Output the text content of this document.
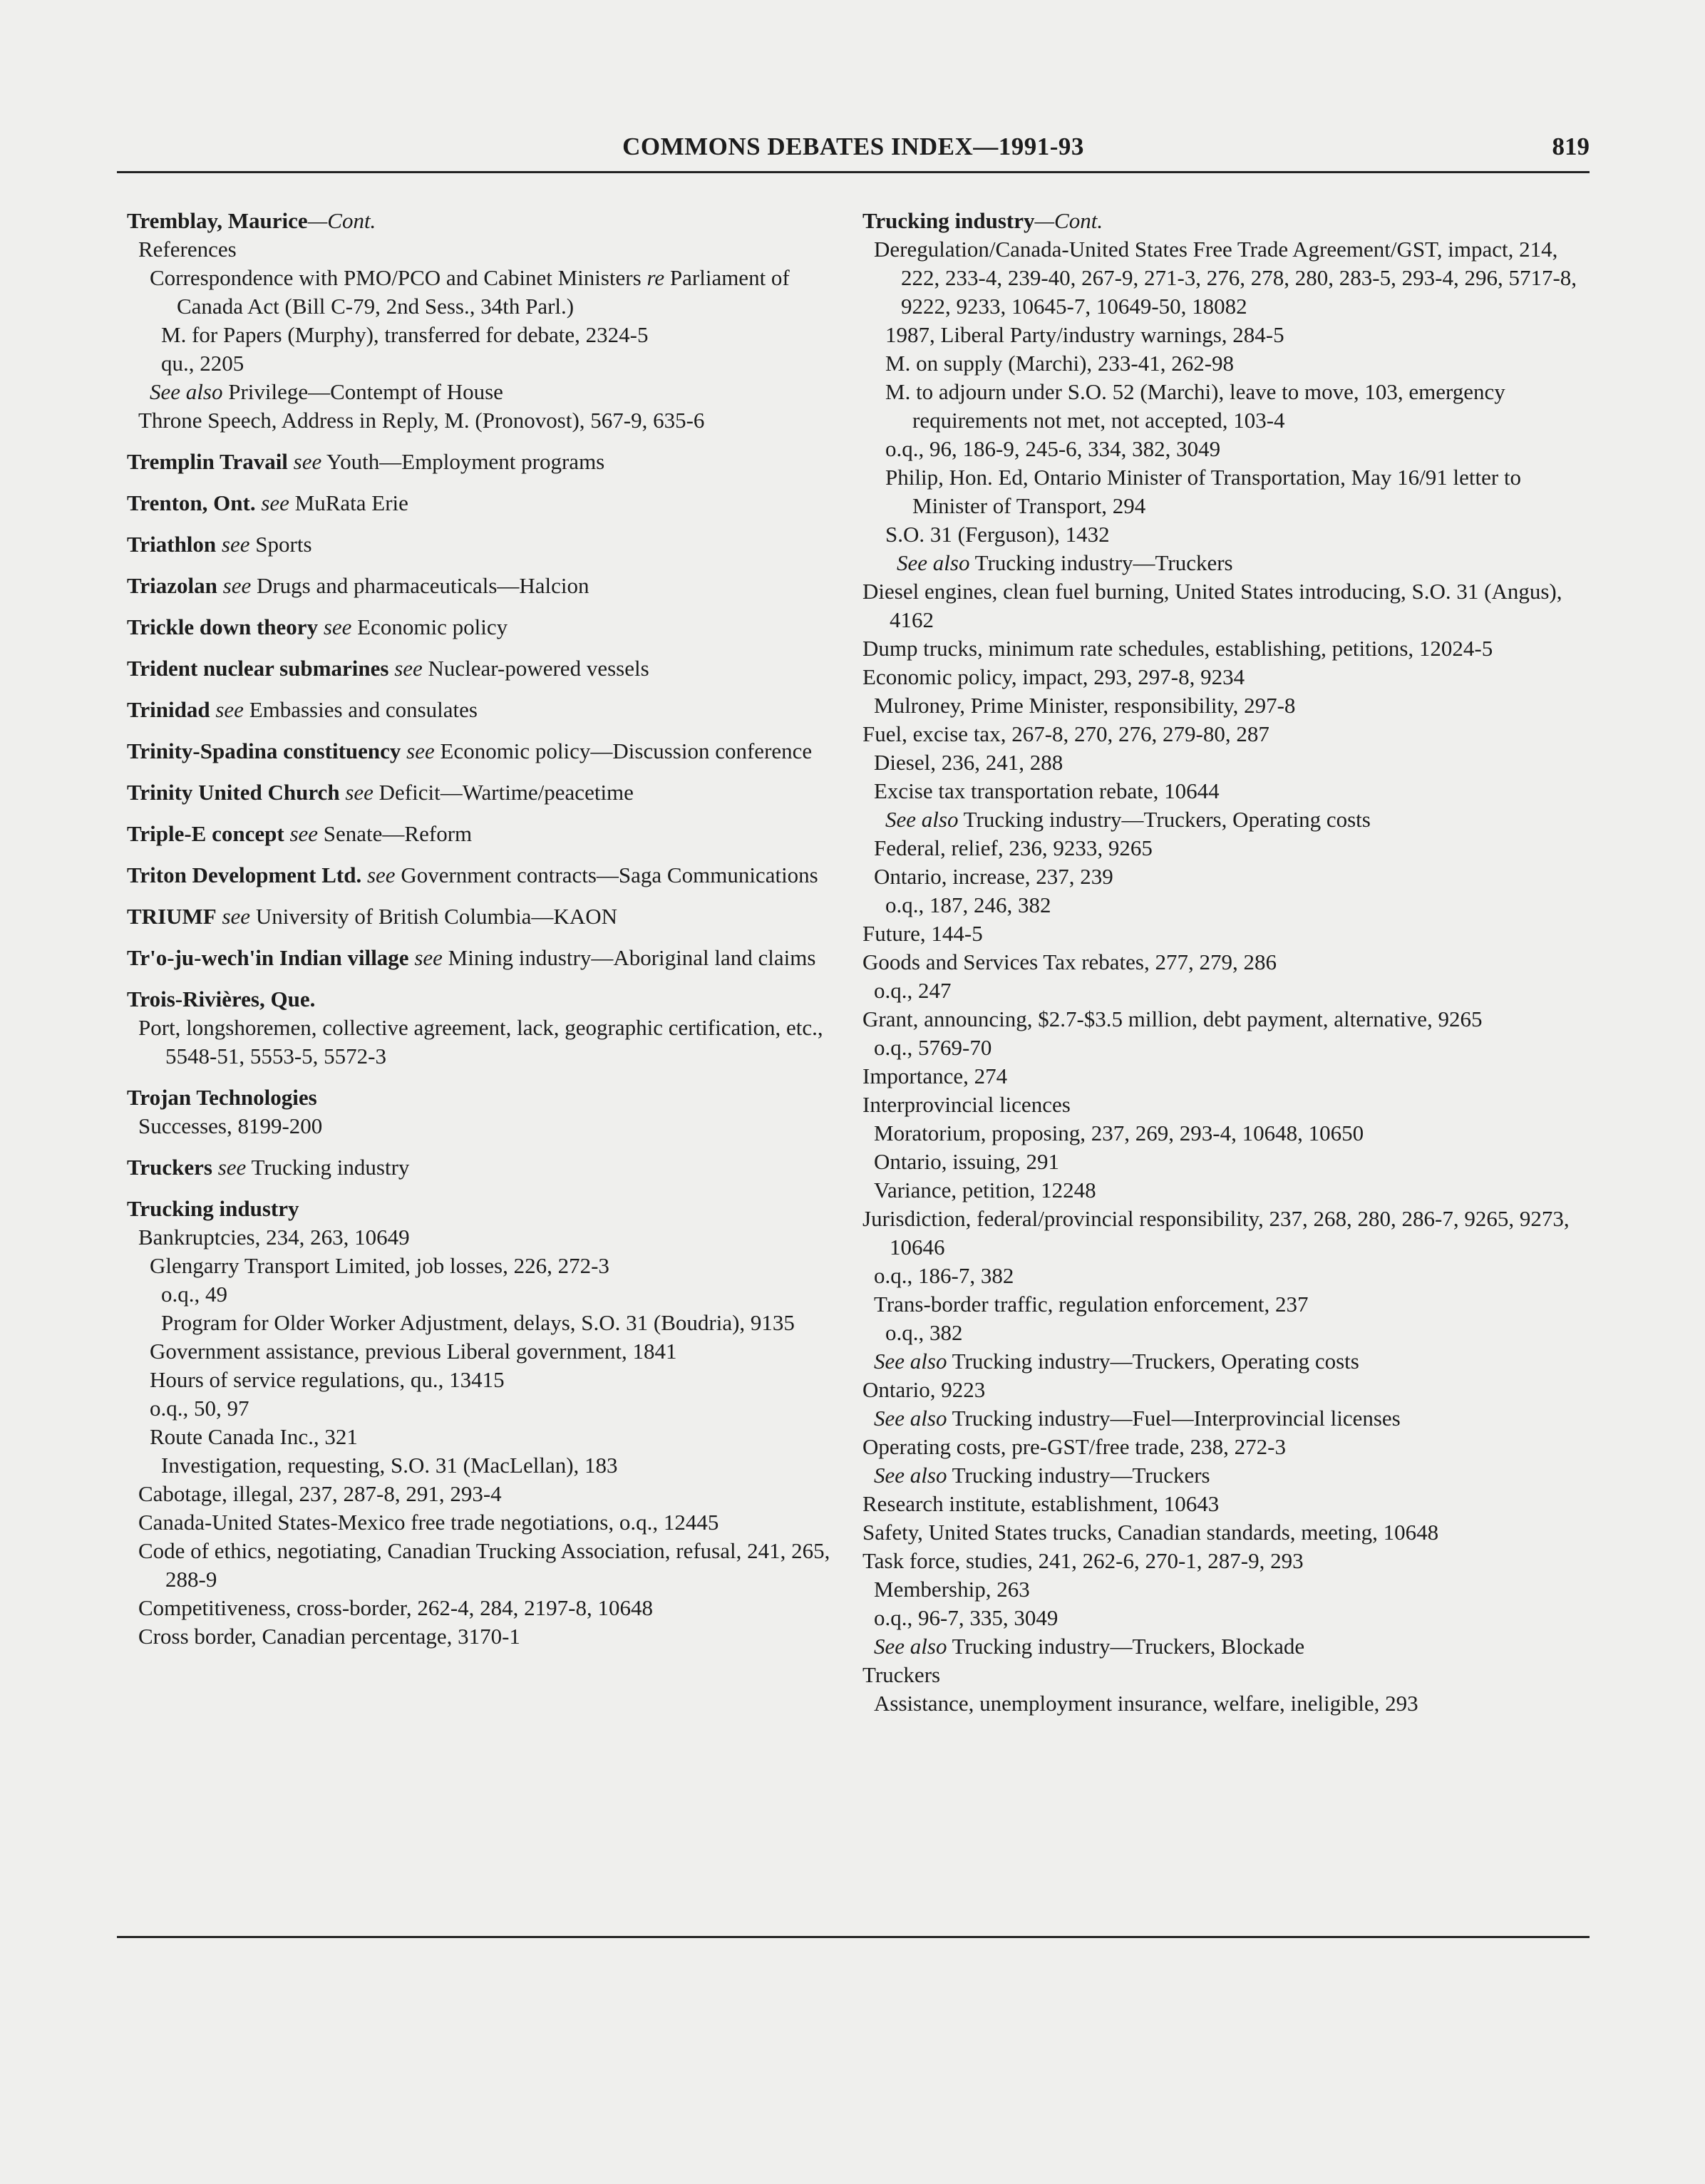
COMMONS DEBATES INDEX—1991-93	819

Tremblay, Maurice—Cont.

References

Correspondence with PMO/PCO and Cabinet Ministers re Parliament of Canada Act (Bill C-79, 2nd Sess., 34th Parl.)

M. for Papers (Murphy), transferred for debate, 2324-5

qu., 2205

See also Privilege—Contempt of House

Throne Speech, Address in Reply, M. (Pronovost), 567-9, 635-6

Tremplin Travail see Youth—Employment programs

Trenton, Ont. see MuRata Erie

Triathlon see Sports

Triazolan see Drugs and pharmaceuticals—Halcion

Trickle down theory see Economic policy

Trident nuclear submarines see Nuclear-powered vessels

Trinidad see Embassies and consulates

Trinity-Spadina constituency see Economic policy—Discussion conference

Trinity United Church see Deficit—Wartime/peacetime

Triple-E concept see Senate—Reform

Triton Development Ltd. see Government contracts—Saga Communications

TRIUMF see University of British Columbia—KAON

Tr'o-ju-wech'in Indian village see Mining industry—Aboriginal land claims

Trois-Rivières, Que.

Port, longshoremen, collective agreement, lack, geographic certification, etc., 5548-51, 5553-5, 5572-3

Trojan Technologies

Successes, 8199-200

Truckers see Trucking industry

Trucking industry

Bankruptcies, 234, 263, 10649

Glengarry Transport Limited, job losses, 226, 272-3

o.q., 49

Program for Older Worker Adjustment, delays, S.O. 31 (Boudria), 9135

Government assistance, previous Liberal government, 1841

Hours of service regulations, qu., 13415

o.q., 50, 97

Route Canada Inc., 321

Investigation, requesting, S.O. 31 (MacLellan), 183

Cabotage, illegal, 237, 287-8, 291, 293-4

Canada-United States-Mexico free trade negotiations, o.q., 12445

Code of ethics, negotiating, Canadian Trucking Association, refusal, 241, 265, 288-9

Competitiveness, cross-border, 262-4, 284, 2197-8, 10648

Cross border, Canadian percentage, 3170-1

Trucking industry—Cont.

Deregulation/Canada-United States Free Trade Agreement/GST, impact, 214, 222, 233-4, 239-40, 267-9, 271-3, 276, 278, 280, 283-5, 293-4, 296, 5717-8, 9222, 9233, 10645-7, 10649-50, 18082

1987, Liberal Party/industry warnings, 284-5

M. on supply (Marchi), 233-41, 262-98

M. to adjourn under S.O. 52 (Marchi), leave to move, 103, emergency requirements not met, not accepted, 103-4

o.q., 96, 186-9, 245-6, 334, 382, 3049

Philip, Hon. Ed, Ontario Minister of Transportation, May 16/91 letter to Minister of Transport, 294

S.O. 31 (Ferguson), 1432

See also Trucking industry—Truckers

Diesel engines, clean fuel burning, United States introducing, S.O. 31 (Angus), 4162

Dump trucks, minimum rate schedules, establishing, petitions, 12024-5

Economic policy, impact, 293, 297-8, 9234

Mulroney, Prime Minister, responsibility, 297-8

Fuel, excise tax, 267-8, 270, 276, 279-80, 287

Diesel, 236, 241, 288

Excise tax transportation rebate, 10644

See also Trucking industry—Truckers, Operating costs

Federal, relief, 236, 9233, 9265

Ontario, increase, 237, 239

o.q., 187, 246, 382

Future, 144-5

Goods and Services Tax rebates, 277, 279, 286

o.q., 247

Grant, announcing, $2.7-$3.5 million, debt payment, alternative, 9265

o.q., 5769-70

Importance, 274

Interprovincial licences

Moratorium, proposing, 237, 269, 293-4, 10648, 10650

Ontario, issuing, 291

Variance, petition, 12248

Jurisdiction, federal/provincial responsibility, 237, 268, 280, 286-7, 9265, 9273, 10646

o.q., 186-7, 382

Trans-border traffic, regulation enforcement, 237

o.q., 382

See also Trucking industry—Truckers, Operating costs

Ontario, 9223

See also Trucking industry—Fuel—Interprovincial licenses

Operating costs, pre-GST/free trade, 238, 272-3

See also Trucking industry—Truckers

Research institute, establishment, 10643

Safety, United States trucks, Canadian standards, meeting, 10648

Task force, studies, 241, 262-6, 270-1, 287-9, 293

Membership, 263

o.q., 96-7, 335, 3049

See also Trucking industry—Truckers, Blockade

Truckers

Assistance, unemployment insurance, welfare, ineligible, 293
